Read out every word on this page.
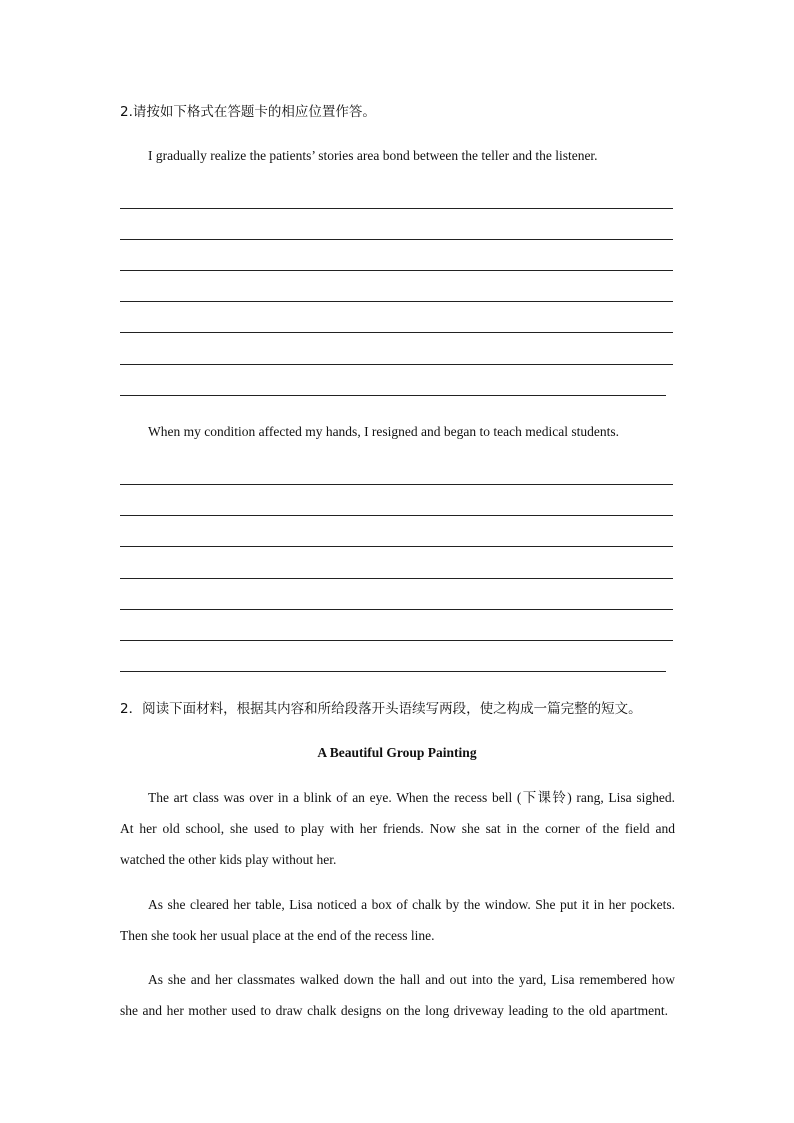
2.请按如下格式在答题卡的相应位置作答。

I gradually realize the patients’ stories area bond between the teller and the listener.

When my condition affected my hands, I resigned and began to teach medical students.

2．阅读下面材料，根据其内容和所给段落开头语续写两段，使之构成一篇完整的短文。

A Beautiful Group Painting

The art class was over in a blink of an eye. When the recess bell (下课铃) rang, Lisa sighed.

At her old school, she used to play with her friends. Now she sat in the corner of the field and

watched the other kids play without her.

As she cleared her table, Lisa noticed a box of chalk by the window. She put it in her pockets.

Then she took her usual place at the end of the recess line.

As she and her classmates walked down the hall and out into the yard, Lisa remembered how

she and her mother used to draw chalk designs on the long driveway leading to the old apartment.
